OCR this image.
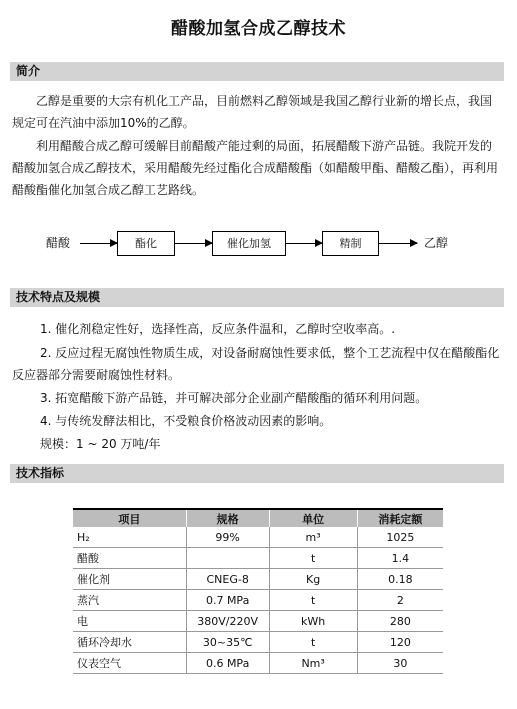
醋酸加氢合成乙醇技术
简介

乙醇是重要的大宗有机化工产品，目前燃料乙醇领域是我国乙醇行业新的增长点，我国规定可在汽油中添加10%的乙醇。

利用醋酸合成乙醇可缓解目前醋酸产能过剩的局面，拓展醋酸下游产品链。我院开发的醋酸加氢合成乙醇技术，采用醋酸先经过酯化合成醋酸酯（如醋酸甲酯、醋酸乙酯），再利用醋酸酯催化加氢合成乙醇工艺路线。

醋酸	酯化	催化加氢	精制	乙醇
技术特点及规模

1. 催化剂稳定性好，选择性高，反应条件温和，乙醇时空收率高。.

2. 反应过程无腐蚀性物质生成，对设备耐腐蚀性要求低，整个工艺流程中仅在醋酸酯化反应器部分需要耐腐蚀性材料。

3. 拓宽醋酸下游产品链，并可解决部分企业副产醋酸酯的循环利用问题。

4. 与传统发酵法相比，不受粮食价格波动因素的影响。

规模：1 ~ 20 万吨/年

技术指标
项目	规格	单位	消耗定额
H₂	99%	m³	1025
醋酸		t	1.4
催化剂	CNEG-8	Kg	0.18
蒸汽	0.7 MPa	t	2
电	380V/220V	kWh	280
循环冷却水	30~35℃	t	120
仪表空气	0.6 MPa	Nm³	30
